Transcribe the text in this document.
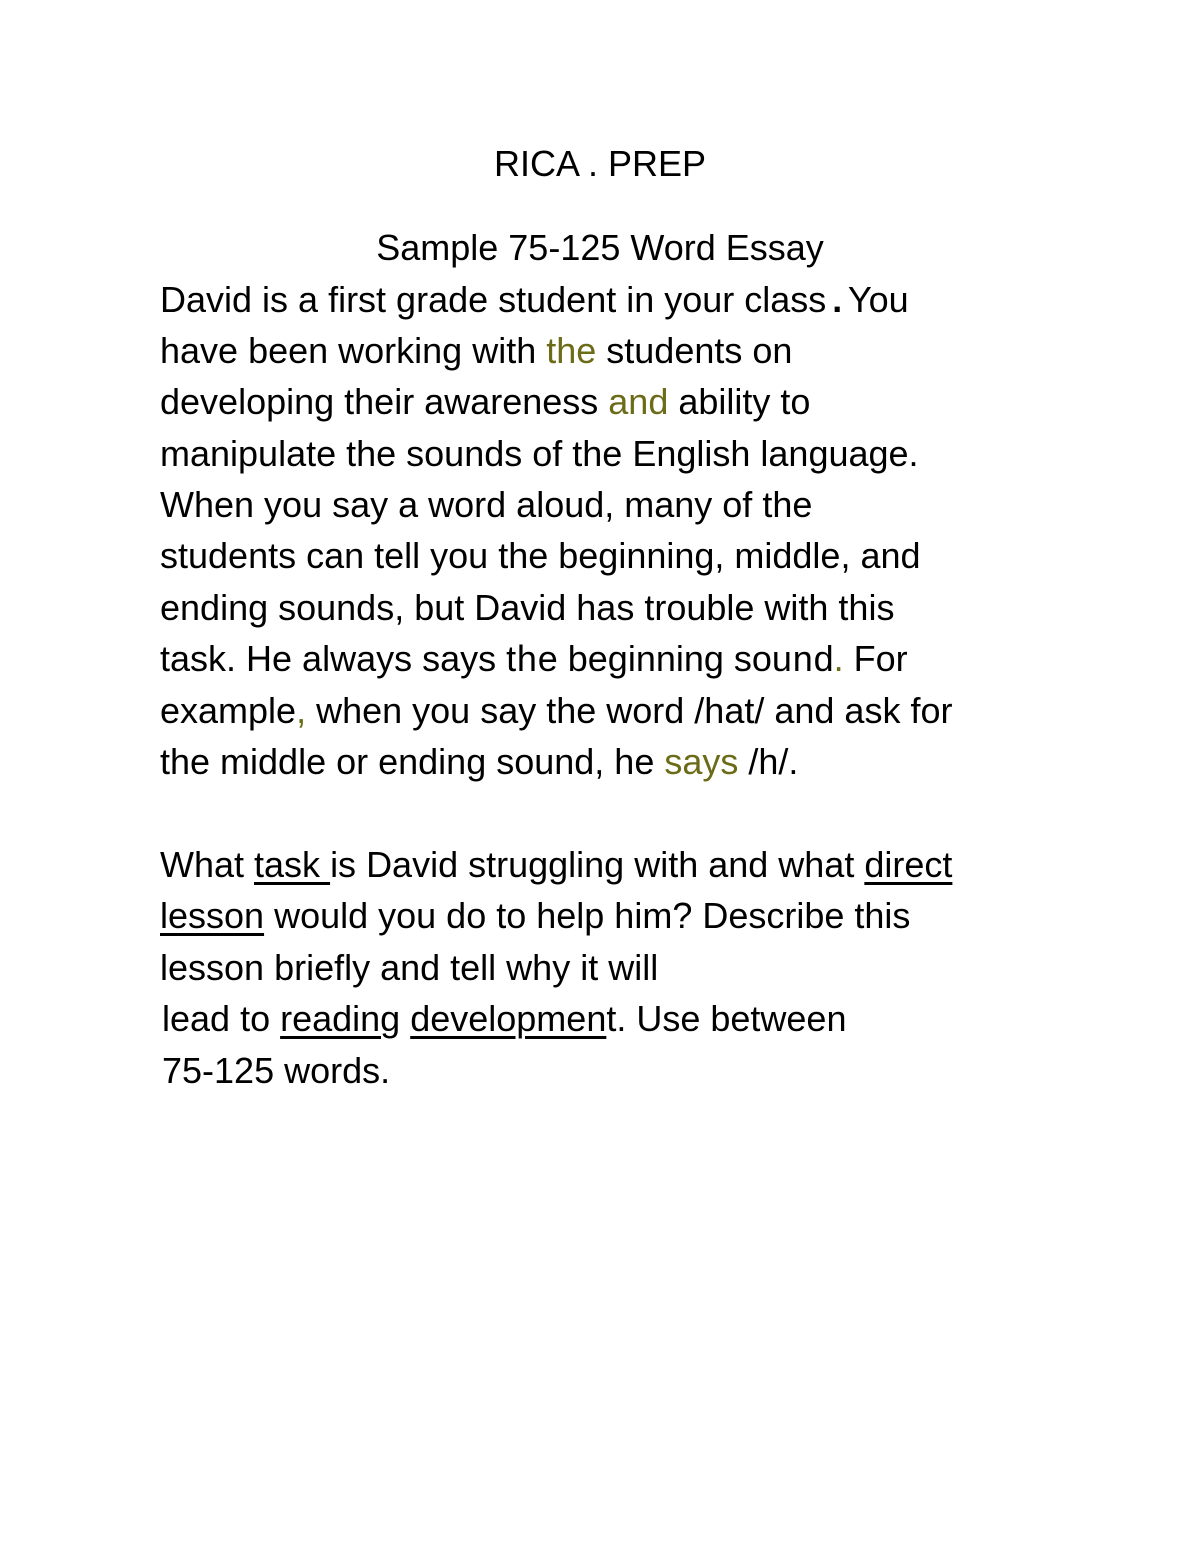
RICA . PREP
Sample 75-125 Word Essay
David is a first grade student in your class.You
have been working with the students on
developing their awareness and ability to
manipulate the sounds of the English language.
When you say a word aloud, many of the
students can tell you the beginning, middle, and
ending sounds, but David has trouble with this
task. He always says the beginning sound. For
example, when you say the word /hat/ and ask for
the middle or ending sound, he says /h/.
What task is David struggling with and what direct
lesson would you do to help him? Describe this
lesson briefly and tell why it will
lead to reading development. Use between
75-125 words.
